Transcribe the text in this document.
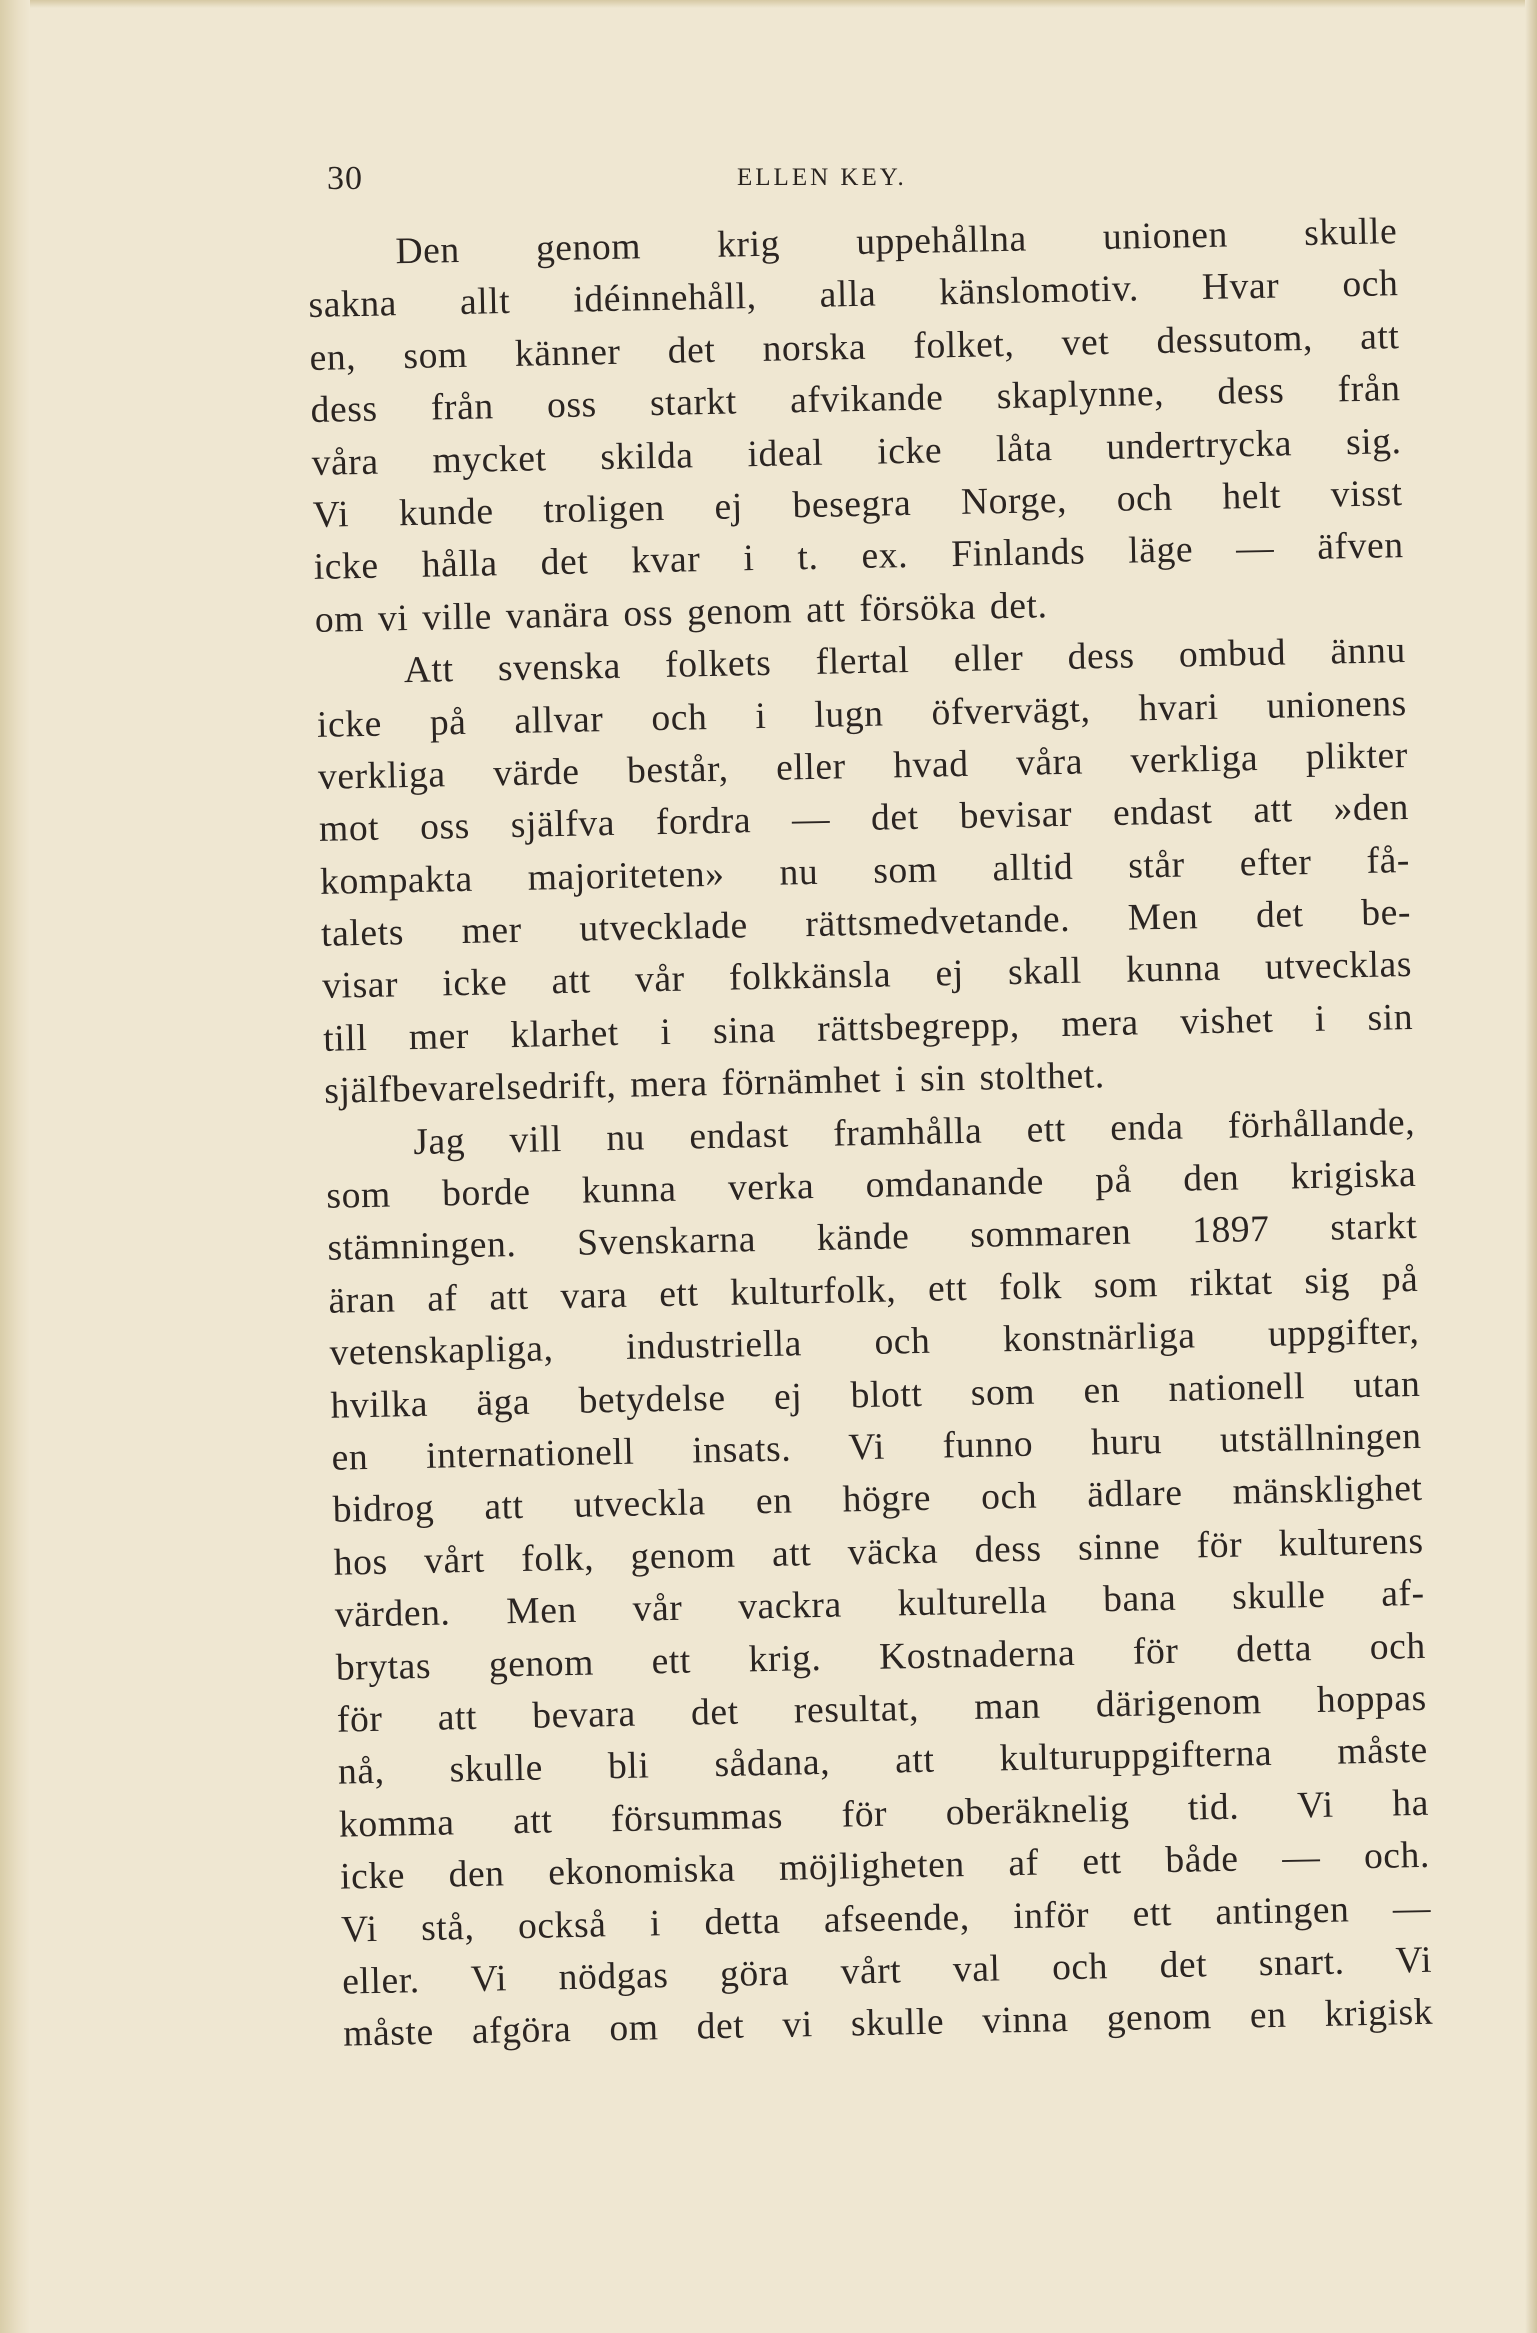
30	ELLEN KEY.
Den genom krig uppehållna unionen skulle
sakna allt idéinnehåll, alla känslomotiv. Hvar och
en, som känner det norska folket, vet dessutom, att
dess från oss starkt afvikande skaplynne, dess från
våra mycket skilda ideal icke låta undertrycka sig.
Vi kunde troligen ej besegra Norge, och helt visst
icke hålla det kvar i t. ex. Finlands läge — äfven
om vi ville vanära oss genom att försöka det.
Att svenska folkets flertal eller dess ombud ännu
icke på allvar och i lugn öfvervägt, hvari unionens
verkliga värde består, eller hvad våra verkliga plikter
mot oss själfva fordra — det bevisar endast att »den
kompakta majoriteten» nu som alltid står efter få-
talets mer utvecklade rättsmedvetande. Men det be-
visar icke att vår folkkänsla ej skall kunna utvecklas
till mer klarhet i sina rättsbegrepp, mera vishet i sin
själfbevarelsedrift, mera förnämhet i sin stolthet.
Jag vill nu endast framhålla ett enda förhållande,
som borde kunna verka omdanande på den krigiska
stämningen. Svenskarna kände sommaren 1897 starkt
äran af att vara ett kulturfolk, ett folk som riktat sig på
vetenskapliga, industriella och konstnärliga uppgifter,
hvilka äga betydelse ej blott som en nationell utan
en internationell insats. Vi funno huru utställningen
bidrog att utveckla en högre och ädlare mänsklighet
hos vårt folk, genom att väcka dess sinne för kulturens
värden. Men vår vackra kulturella bana skulle af-
brytas genom ett krig. Kostnaderna för detta och
för att bevara det resultat, man därigenom hoppas
nå, skulle bli sådana, att kulturuppgifterna måste
komma att försummas för oberäknelig tid. Vi ha
icke den ekonomiska möjligheten af ett både — och.
Vi stå, också i detta afseende, inför ett antingen —
eller. Vi nödgas göra vårt val och det snart. Vi
måste afgöra om det vi skulle vinna genom en krigisk
